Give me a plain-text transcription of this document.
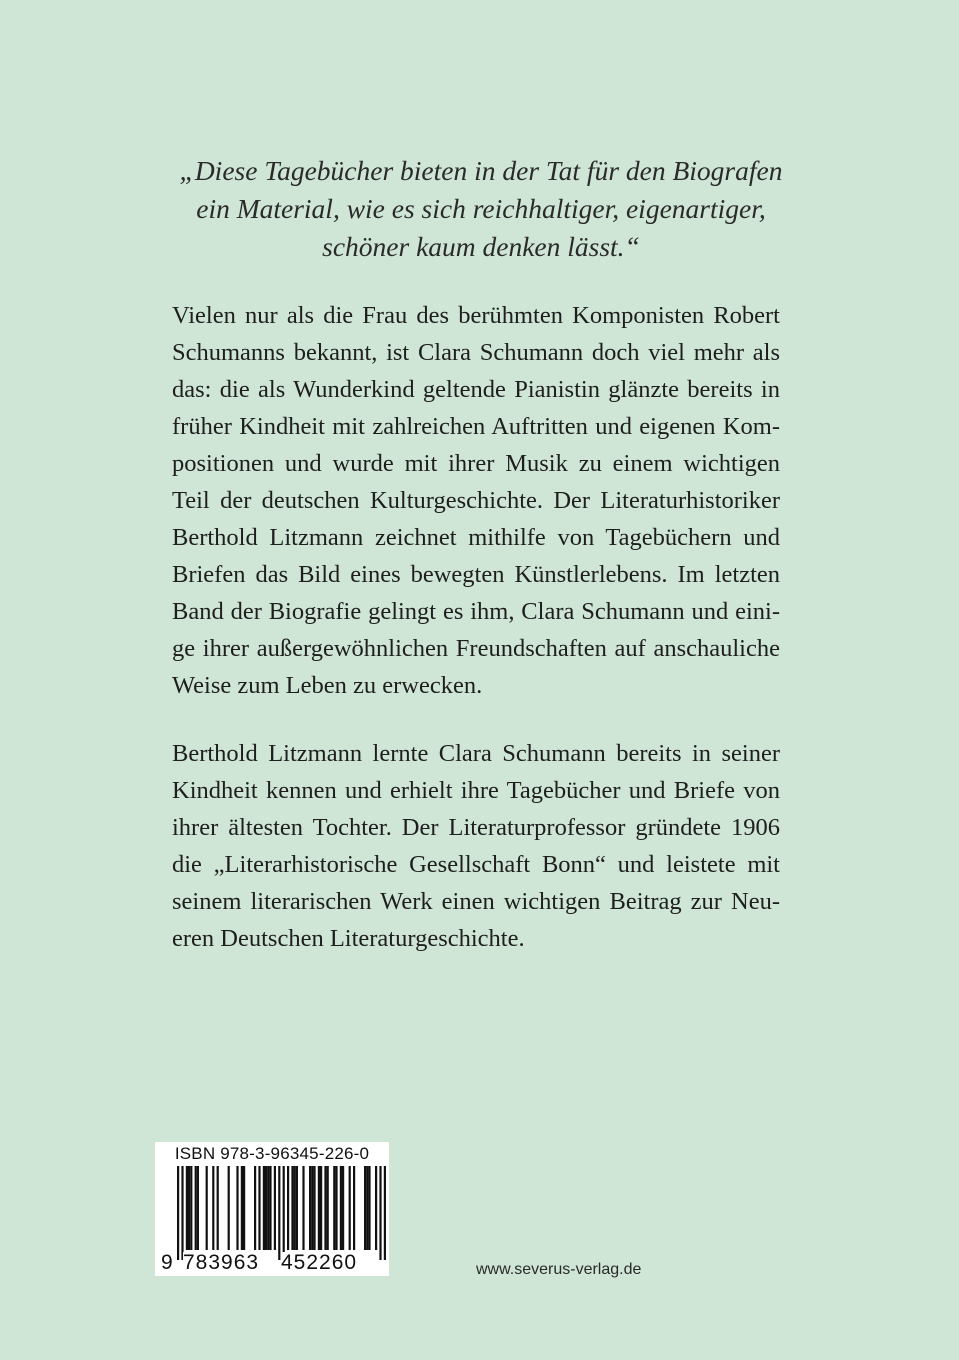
„Diese Tagebücher bieten in der Tat für den Biografen
ein Material, wie es sich reichhaltiger, eigenartiger,
schöner kaum denken lässt.“
Vielen nur als die Frau des berühmten Komponisten Robert
Schumanns bekannt, ist Clara Schumann doch viel mehr als
das: die als Wunderkind geltende Pianistin glänzte bereits in
früher Kindheit mit zahlreichen Auftritten und eigenen Kom-
positionen und wurde mit ihrer Musik zu einem wichtigen
Teil der deutschen Kulturgeschichte. Der Literaturhistoriker
Berthold Litzmann zeichnet mithilfe von Tagebüchern und
Briefen das Bild eines bewegten Künstlerlebens. Im letzten
Band der Biografie gelingt es ihm, Clara Schumann und eini-
ge ihrer außergewöhnlichen Freundschaften auf anschauliche
Weise zum Leben zu erwecken.
Berthold Litzmann lernte Clara Schumann bereits in seiner
Kindheit kennen und erhielt ihre Tagebücher und Briefe von
ihrer ältesten Tochter. Der Literaturprofessor gründete 1906
die „Literarhistorische Gesellschaft Bonn“ und leistete mit
seinem literarischen Werk einen wichtigen Beitrag zur Neu-
eren Deutschen Literaturgeschichte.
ISBN 978-3-96345-226-0
9 783963 452260	www.severus-verlag.de
